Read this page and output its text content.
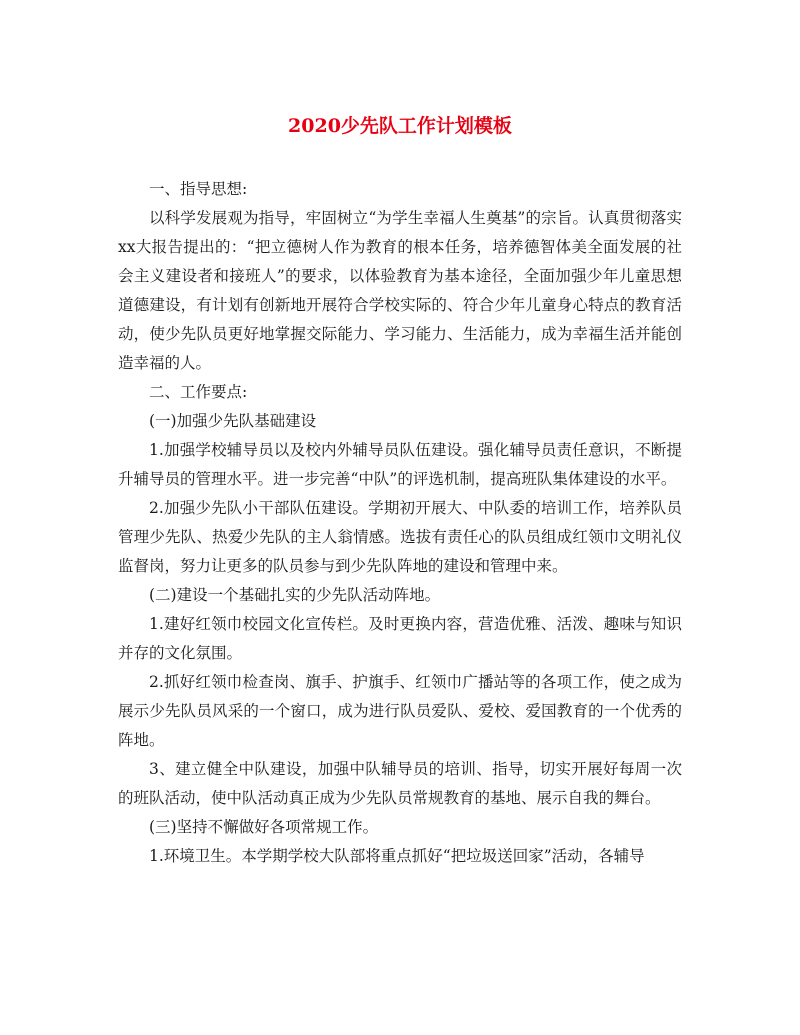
2020少先队工作计划模板

一、指导思想:

以科学发展观为指导，牢固树立“为学生幸福人生奠基”的宗旨。认真贯彻落实xx大报告提出的：“把立德树人作为教育的根本任务，培养德智体美全面发展的社会主义建设者和接班人”的要求，以体验教育为基本途径，全面加强少年儿童思想道德建设，有计划有创新地开展符合学校实际的、符合少年儿童身心特点的教育活动，使少先队员更好地掌握交际能力、学习能力、生活能力，成为幸福生活并能创造幸福的人。

二、工作要点:

(一)加强少先队基础建设

1.加强学校辅导员以及校内外辅导员队伍建设。强化辅导员责任意识，不断提升辅导员的管理水平。进一步完善“中队”的评选机制，提高班队集体建设的水平。

2.加强少先队小干部队伍建设。学期初开展大、中队委的培训工作，培养队员管理少先队、热爱少先队的主人翁情感。选拔有责任心的队员组成红领巾文明礼仪监督岗，努力让更多的队员参与到少先队阵地的建设和管理中来。

(二)建设一个基础扎实的少先队活动阵地。

1.建好红领巾校园文化宣传栏。及时更换内容，营造优雅、活泼、趣味与知识并存的文化氛围。

2.抓好红领巾检查岗、旗手、护旗手、红领巾广播站等的各项工作，使之成为展示少先队员风采的一个窗口，成为进行队员爱队、爱校、爱国教育的一个优秀的阵地。

3、建立健全中队建设，加强中队辅导员的培训、指导，切实开展好每周一次的班队活动，使中队活动真正成为少先队员常规教育的基地、展示自我的舞台。

(三)坚持不懈做好各项常规工作。

1.环境卫生。本学期学校大队部将重点抓好“把垃圾送回家”活动，各辅导
